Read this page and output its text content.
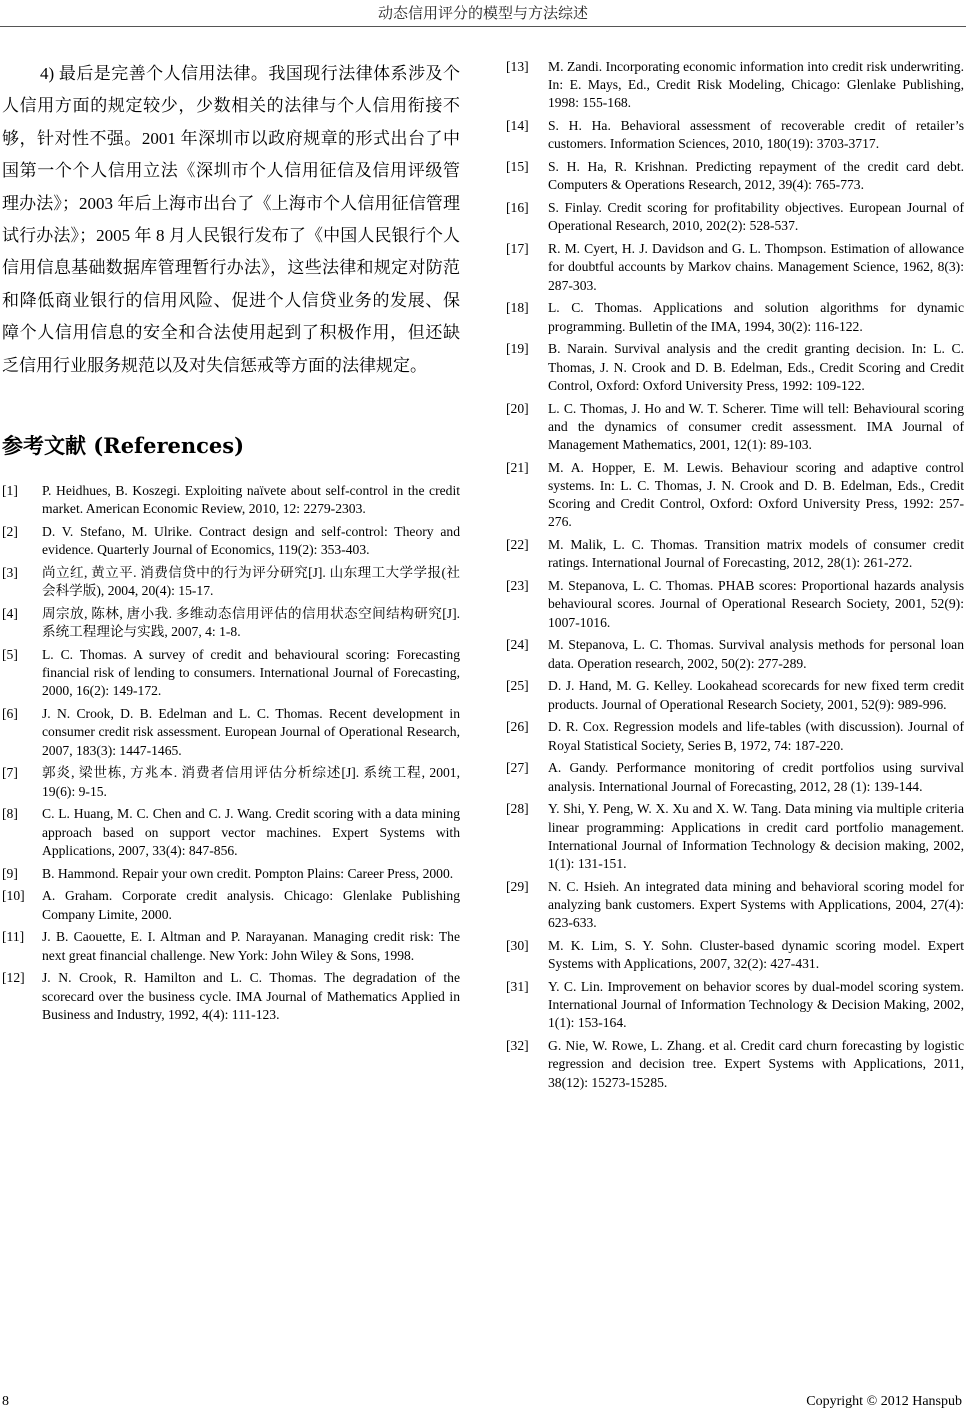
动态信用评分的模型与方法综述

4) 最后是完善个人信用法律。我国现行法律体系涉及个人信用方面的规定较少，少数相关的法律与个人信用衔接不够，针对性不强。2001 年深圳市以政府规章的形式出台了中国第一个个人信用立法《深圳市个人信用征信及信用评级管理办法》；2003 年后上海市出台了《上海市个人信用征信管理试行办法》；2005 年 8 月人民银行发布了《中国人民银行个人信用信息基础数据库管理暂行办法》，这些法律和规定对防范和降低商业银行的信用风险、促进个人信贷业务的发展、保障个人信用信息的安全和合法使用起到了积极作用，但还缺乏信用行业服务规范以及对失信惩戒等方面的法律规定。

参考文献 (References)
[1] P. Heidhues, B. Koszegi. Exploiting naïvete about self-control in the credit market. American Economic Review, 2010, 12: 2279-2303.
[2] D. V. Stefano, M. Ulrike. Contract design and self-control: Theory and evidence. Quarterly Journal of Economics, 119(2): 353-403.
[3] 尚立红, 黄立平. 消费信贷中的行为评分研究[J]. 山东理工大学学报(社会科学版), 2004, 20(4): 15-17.
[4] 周宗放, 陈林, 唐小我. 多维动态信用评估的信用状态空间结构研究[J]. 系统工程理论与实践, 2007, 4: 1-8.
[5] L. C. Thomas. A survey of credit and behavioural scoring: Forecasting financial risk of lending to consumers. International Journal of Forecasting, 2000, 16(2): 149-172.
[6] J. N. Crook, D. B. Edelman and L. C. Thomas. Recent development in consumer credit risk assessment. European Journal of Operational Research, 2007, 183(3): 1447-1465.
[7] 郭炎, 梁世栋, 方兆本. 消费者信用评估分析综述[J]. 系统工程, 2001, 19(6): 9-15.
[8] C. L. Huang, M. C. Chen and C. J. Wang. Credit scoring with a data mining approach based on support vector machines. Expert Systems with Applications, 2007, 33(4): 847-856.
[9] B. Hammond. Repair your own credit. Pompton Plains: Career Press, 2000.
[10] A. Graham. Corporate credit analysis. Chicago: Glenlake Publishing Company Limite, 2000.
[11] J. B. Caouette, E. I. Altman and P. Narayanan. Managing credit risk: The next great financial challenge. New York: John Wiley & Sons, 1998.
[12] J. N. Crook, R. Hamilton and L. C. Thomas. The degradation of the scorecard over the business cycle. IMA Journal of Mathematics Applied in Business and Industry, 1992, 4(4): 111-123.
[13] M. Zandi. Incorporating economic information into credit risk underwriting. In: E. Mays, Ed., Credit Risk Modeling, Chicago: Glenlake Publishing, 1998: 155-168.
[14] S. H. Ha. Behavioral assessment of recoverable credit of retailer’s customers. Information Sciences, 2010, 180(19): 3703-3717.
[15] S. H. Ha, R. Krishnan. Predicting repayment of the credit card debt. Computers & Operations Research, 2012, 39(4): 765-773.
[16] S. Finlay. Credit scoring for profitability objectives. European Journal of Operational Research, 2010, 202(2): 528-537.
[17] R. M. Cyert, H. J. Davidson and G. L. Thompson. Estimation of allowance for doubtful accounts by Markov chains. Management Science, 1962, 8(3): 287-303.
[18] L. C. Thomas. Applications and solution algorithms for dynamic programming. Bulletin of the IMA, 1994, 30(2): 116-122.
[19] B. Narain. Survival analysis and the credit granting decision. In: L. C. Thomas, J. N. Crook and D. B. Edelman, Eds., Credit Scoring and Credit Control, Oxford: Oxford University Press, 1992: 109-122.
[20] L. C. Thomas, J. Ho and W. T. Scherer. Time will tell: Behavioural scoring and the dynamics of consumer credit assessment. IMA Journal of Management Mathematics, 2001, 12(1): 89-103.
[21] M. A. Hopper, E. M. Lewis. Behaviour scoring and adaptive control systems. In: L. C. Thomas, J. N. Crook and D. B. Edelman, Eds., Credit Scoring and Credit Control, Oxford: Oxford University Press, 1992: 257-276.
[22] M. Malik, L. C. Thomas. Transition matrix models of consumer credit ratings. International Journal of Forecasting, 2012, 28(1): 261-272.
[23] M. Stepanova, L. C. Thomas. PHAB scores: Proportional hazards analysis behavioural scores. Journal of Operational Research Society, 2001, 52(9): 1007-1016.
[24] M. Stepanova, L. C. Thomas. Survival analysis methods for personal loan data. Operation research, 2002, 50(2): 277-289.
[25] D. J. Hand, M. G. Kelley. Lookahead scorecards for new fixed term credit products. Journal of Operational Research Society, 2001, 52(9): 989-996.
[26] D. R. Cox. Regression models and life-tables (with discussion). Journal of Royal Statistical Society, Series B, 1972, 74: 187-220.
[27] A. Gandy. Performance monitoring of credit portfolios using survival analysis. International Journal of Forecasting, 2012, 28 (1): 139-144.
[28] Y. Shi, Y. Peng, W. X. Xu and X. W. Tang. Data mining via multiple criteria linear programming: Applications in credit card portfolio management. International Journal of Information Technology & decision making, 2002, 1(1): 131-151.
[29] N. C. Hsieh. An integrated data mining and behavioral scoring model for analyzing bank customers. Expert Systems with Applications, 2004, 27(4): 623-633.
[30] M. K. Lim, S. Y. Sohn. Cluster-based dynamic scoring model. Expert Systems with Applications, 2007, 32(2): 427-431.
[31] Y. C. Lin. Improvement on behavior scores by dual-model scoring system. International Journal of Information Technology & Decision Making, 2002, 1(1): 153-164.
[32] G. Nie, W. Rowe, L. Zhang. et al. Credit card churn forecasting by logistic regression and decision tree. Expert Systems with Applications, 2011, 38(12): 15273-15285.
8	Copyright © 2012 Hanspub
